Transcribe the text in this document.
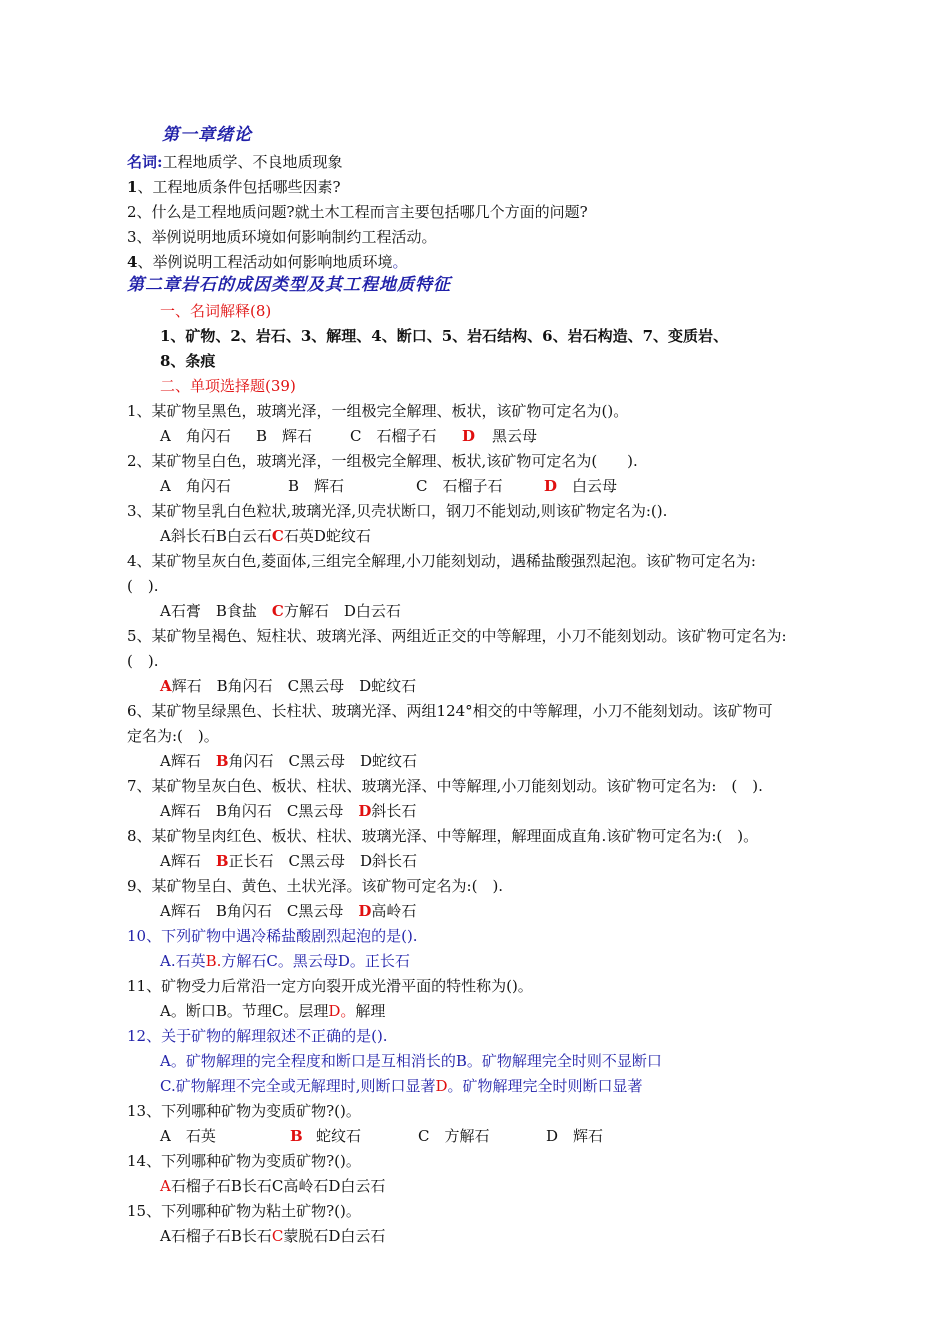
第一章绪论
名词:工程地质学、不良地质现象
1、工程地质条件包括哪些因素?
2、什么是工程地质问题?就土木工程而言主要包括哪几个方面的问题?
3、举例说明地质环境如何影响制约工程活动。
4、举例说明工程活动如何影响地质环境。
第二章岩石的成因类型及其工程地质特征
一、名词解释(8)
1、矿物、2、岩石、3、解理、4、断口、5、岩石结构、6、岩石构造、7、变质岩、
8、条痕
二、单项选择题(39)
1、某矿物呈黑色，玻璃光泽，一组极完全解理、板状，该矿物可定名为()。
A　角闪石 B　辉石	C　石榴子石 D 黑云母
2、某矿物呈白色，玻璃光泽，一组极完全解理、板状,该矿物可定名为(　　).
A　角闪石	B　辉石	C　石榴子石	D 白云母
3、某矿物呈乳白色粒状,玻璃光泽,贝壳状断口，钢刀不能划动,则该矿物定名为:().
A斜长石B白云石C石英D蛇纹石
4、某矿物呈灰白色,菱面体,三组完全解理,小刀能刻划动，遇稀盐酸强烈起泡。该矿物可定名为:
(　).
A石膏　B食盐　C方解石　D白云石
5、某矿物呈褐色、短柱状、玻璃光泽、两组近正交的中等解理，小刀不能刻划动。该矿物可定名为:
(　).
A辉石　B角闪石　C黑云母　D蛇纹石
6、某矿物呈绿黑色、长柱状、玻璃光泽、两组124°相交的中等解理，小刀不能刻划动。该矿物可
定名为:(　)。
A辉石　B角闪石　C黑云母　D蛇纹石
7、某矿物呈灰白色、板状、柱状、玻璃光泽、中等解理,小刀能刻划动。该矿物可定名为:　(　).
A辉石　B角闪石　C黑云母　D斜长石
8、某矿物呈肉红色、板状、柱状、玻璃光泽、中等解理，解理面成直角.该矿物可定名为:(　)。
A辉石　B正长石　C黑云母　D斜长石
9、某矿物呈白、黄色、土状光泽。该矿物可定名为:(　).
A辉石　B角闪石　C黑云母　D高岭石
10、下列矿物中遇冷稀盐酸剧烈起泡的是().
A.石英B.方解石C。黑云母D。正长石
11、矿物受力后常沿一定方向裂开成光滑平面的特性称为()。
A。断口B。节理C。层理D。解理
12、关于矿物的解理叙述不正确的是().
A。矿物解理的完全程度和断口是互相消长的B。矿物解理完全时则不显断口
C.矿物解理不完全或无解理时,则断口显著D。矿物解理完全时则断口显著
13、下列哪种矿物为变质矿物?()。
A　石英	B 蛇纹石	C　方解石	D　辉石
14、下列哪种矿物为变质矿物?()。
A石榴子石B长石C高岭石D白云石
15、下列哪种矿物为粘土矿物?()。
A石榴子石B长石C蒙脱石D白云石
